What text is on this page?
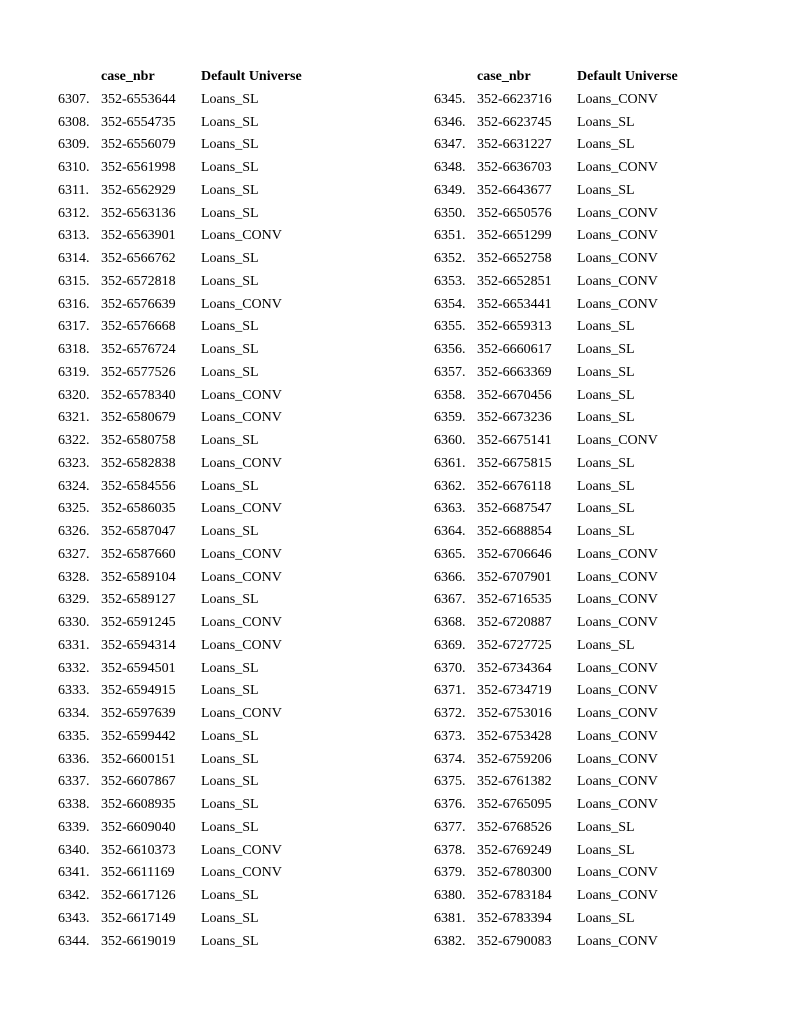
case_nbr	Default Universe
6307. 352-6553644	Loans_SL
6308. 352-6554735	Loans_SL
6309. 352-6556079	Loans_SL
6310. 352-6561998	Loans_SL
6311. 352-6562929	Loans_SL
6312. 352-6563136	Loans_SL
6313. 352-6563901	Loans_CONV
6314. 352-6566762	Loans_SL
6315. 352-6572818	Loans_SL
6316. 352-6576639	Loans_CONV
6317. 352-6576668	Loans_SL
6318. 352-6576724	Loans_SL
6319. 352-6577526	Loans_SL
6320. 352-6578340	Loans_CONV
6321. 352-6580679	Loans_CONV
6322. 352-6580758	Loans_SL
6323. 352-6582838	Loans_CONV
6324. 352-6584556	Loans_SL
6325. 352-6586035	Loans_CONV
6326. 352-6587047	Loans_SL
6327. 352-6587660	Loans_CONV
6328. 352-6589104	Loans_CONV
6329. 352-6589127	Loans_SL
6330. 352-6591245	Loans_CONV
6331. 352-6594314	Loans_CONV
6332. 352-6594501	Loans_SL
6333. 352-6594915	Loans_SL
6334. 352-6597639	Loans_CONV
6335. 352-6599442	Loans_SL
6336. 352-6600151	Loans_SL
6337. 352-6607867	Loans_SL
6338. 352-6608935	Loans_SL
6339. 352-6609040	Loans_SL
6340. 352-6610373	Loans_CONV
6341. 352-6611169	Loans_CONV
6342. 352-6617126	Loans_SL
6343. 352-6617149	Loans_SL
6344. 352-6619019	Loans_SL
case_nbr	Default Universe
6345. 352-6623716	Loans_CONV
6346. 352-6623745	Loans_SL
6347. 352-6631227	Loans_SL
6348. 352-6636703	Loans_CONV
6349. 352-6643677	Loans_SL
6350. 352-6650576	Loans_CONV
6351. 352-6651299	Loans_CONV
6352. 352-6652758	Loans_CONV
6353. 352-6652851	Loans_CONV
6354. 352-6653441	Loans_CONV
6355. 352-6659313	Loans_SL
6356. 352-6660617	Loans_SL
6357. 352-6663369	Loans_SL
6358. 352-6670456	Loans_SL
6359. 352-6673236	Loans_SL
6360. 352-6675141	Loans_CONV
6361. 352-6675815	Loans_SL
6362. 352-6676118	Loans_SL
6363. 352-6687547	Loans_SL
6364. 352-6688854	Loans_SL
6365. 352-6706646	Loans_CONV
6366. 352-6707901	Loans_CONV
6367. 352-6716535	Loans_CONV
6368. 352-6720887	Loans_CONV
6369. 352-6727725	Loans_SL
6370. 352-6734364	Loans_CONV
6371. 352-6734719	Loans_CONV
6372. 352-6753016	Loans_CONV
6373. 352-6753428	Loans_CONV
6374. 352-6759206	Loans_CONV
6375. 352-6761382	Loans_CONV
6376. 352-6765095	Loans_CONV
6377. 352-6768526	Loans_SL
6378. 352-6769249	Loans_SL
6379. 352-6780300	Loans_CONV
6380. 352-6783184	Loans_CONV
6381. 352-6783394	Loans_SL
6382. 352-6790083	Loans_CONV
